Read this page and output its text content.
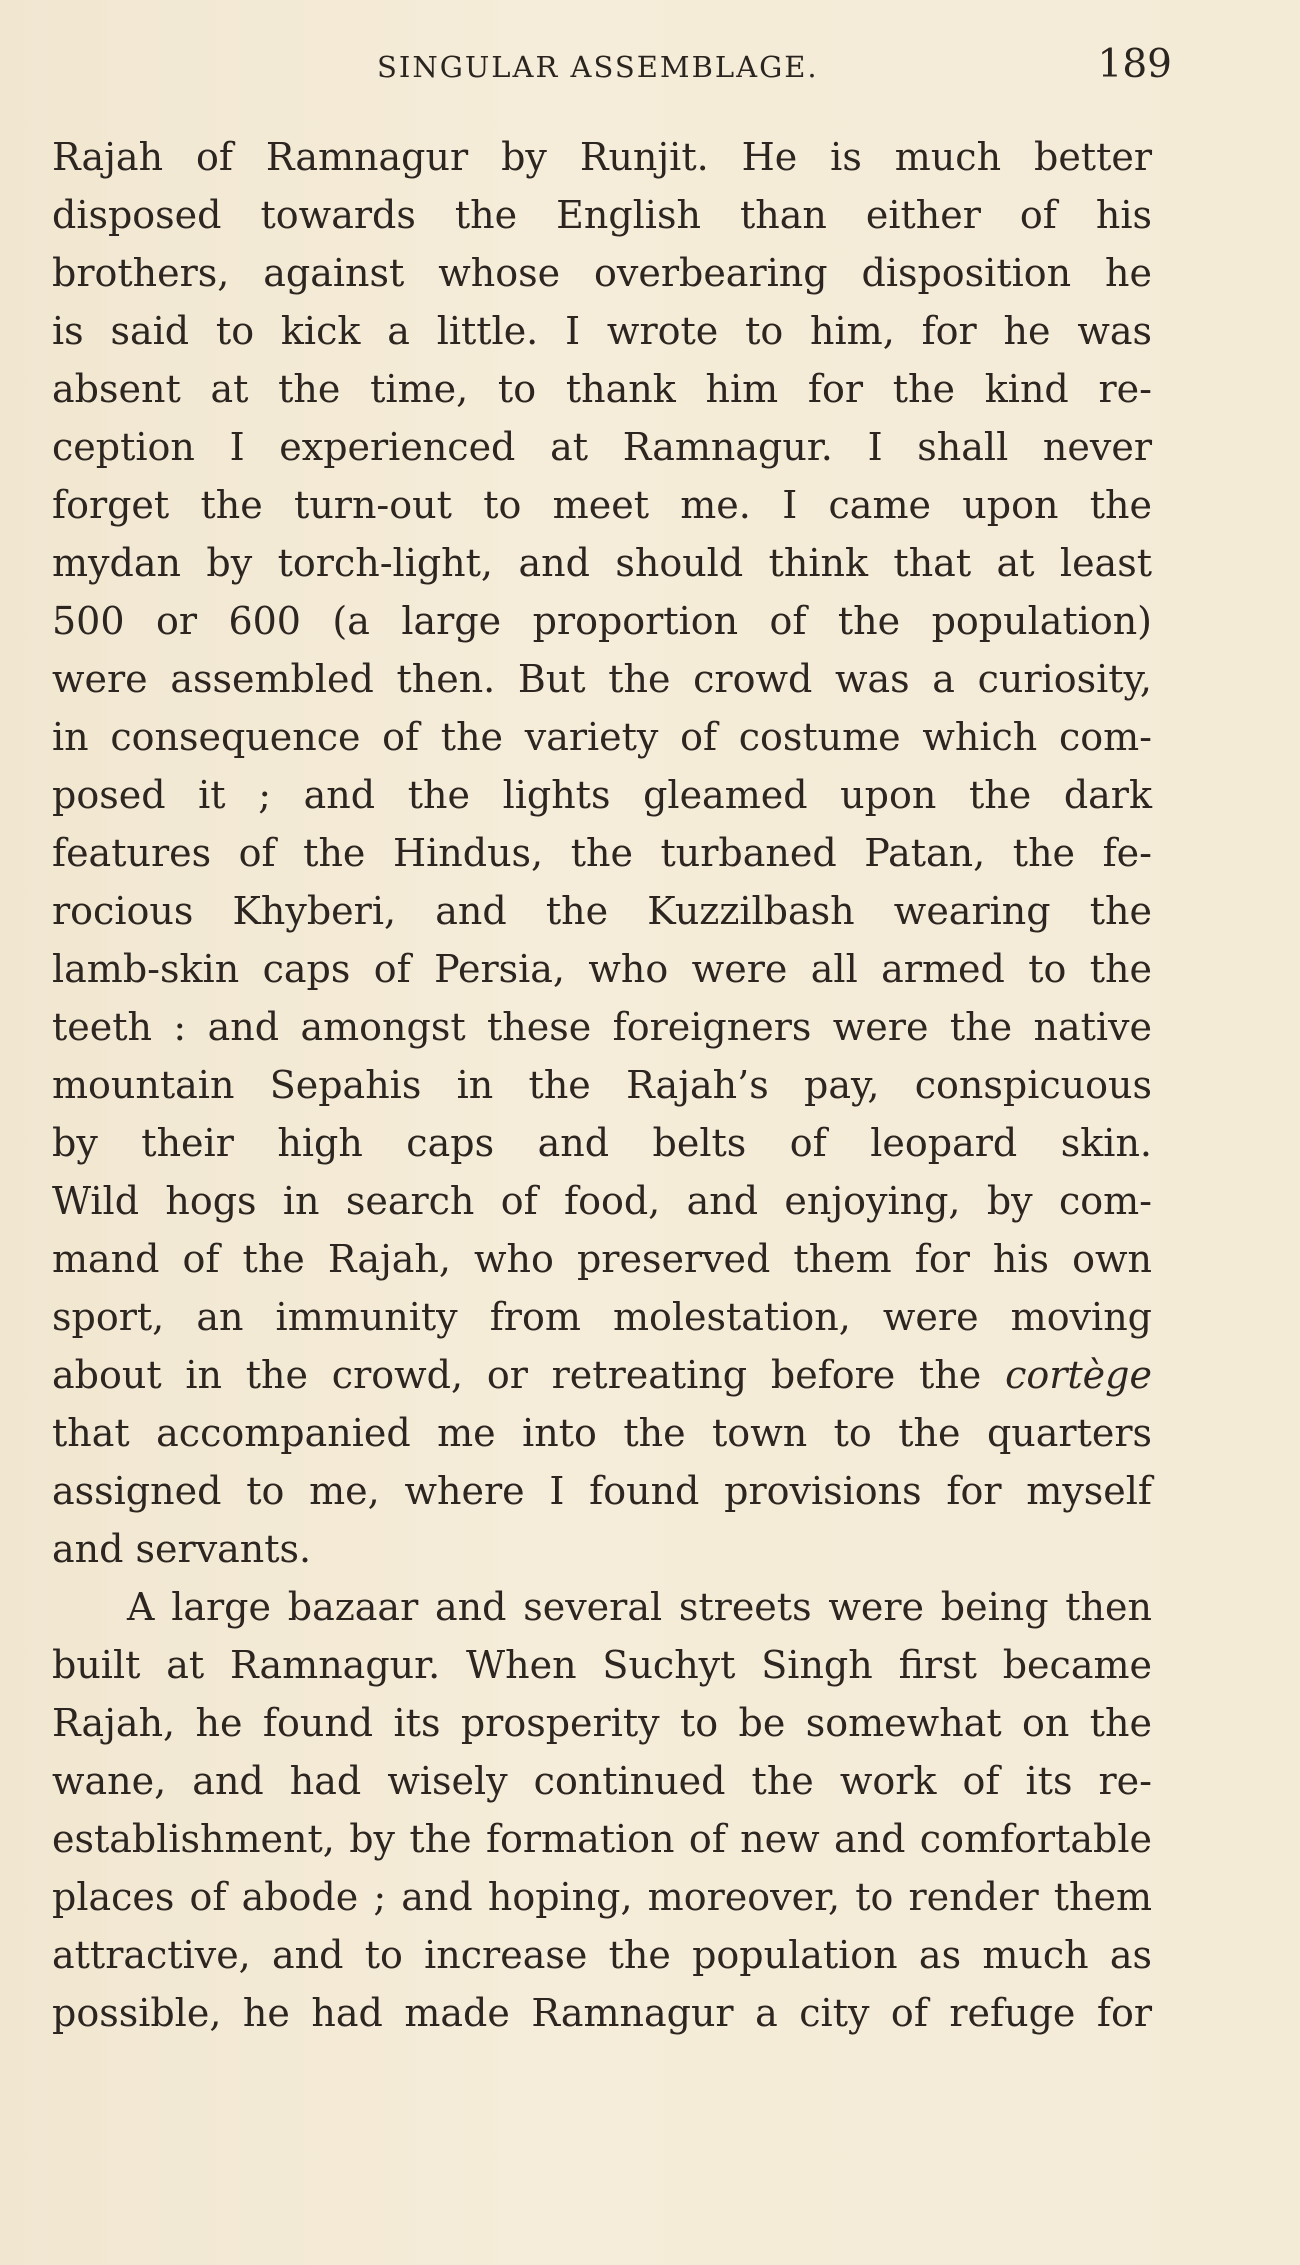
SINGULAR ASSEMBLAGE.	189
Rajah of Ramnagur by Runjit. He is much better
disposed towards the English than either of his
brothers, against whose overbearing disposition he
is said to kick a little. I wrote to him, for he was
absent at the time, to thank him for the kind re-
ception I experienced at Ramnagur. I shall never
forget the turn-out to meet me. I came upon the
mydan by torch-light, and should think that at least
500 or 600 (a large proportion of the population)
were assembled then. But the crowd was a curiosity,
in consequence of the variety of costume which com-
posed it ; and the lights gleamed upon the dark
features of the Hindus, the turbaned Patan, the fe-
rocious Khyberi, and the Kuzzilbash wearing the
lamb-skin caps of Persia, who were all armed to the
teeth : and amongst these foreigners were the native
mountain Sepahis in the Rajah’s pay, conspicuous
by their high caps and belts of leopard skin.
Wild hogs in search of food, and enjoying, by com-
mand of the Rajah, who preserved them for his own
sport, an immunity from molestation, were moving
about in the crowd, or retreating before the cortège
that accompanied me into the town to the quarters
assigned to me, where I found provisions for myself
and servants.
A large bazaar and several streets were being then
built at Ramnagur. When Suchyt Singh first became
Rajah, he found its prosperity to be somewhat on the
wane, and had wisely continued the work of its re-
establishment, by the formation of new and comfortable
places of abode ; and hoping, moreover, to render them
attractive, and to increase the population as much as
possible, he had made Ramnagur a city of refuge for
